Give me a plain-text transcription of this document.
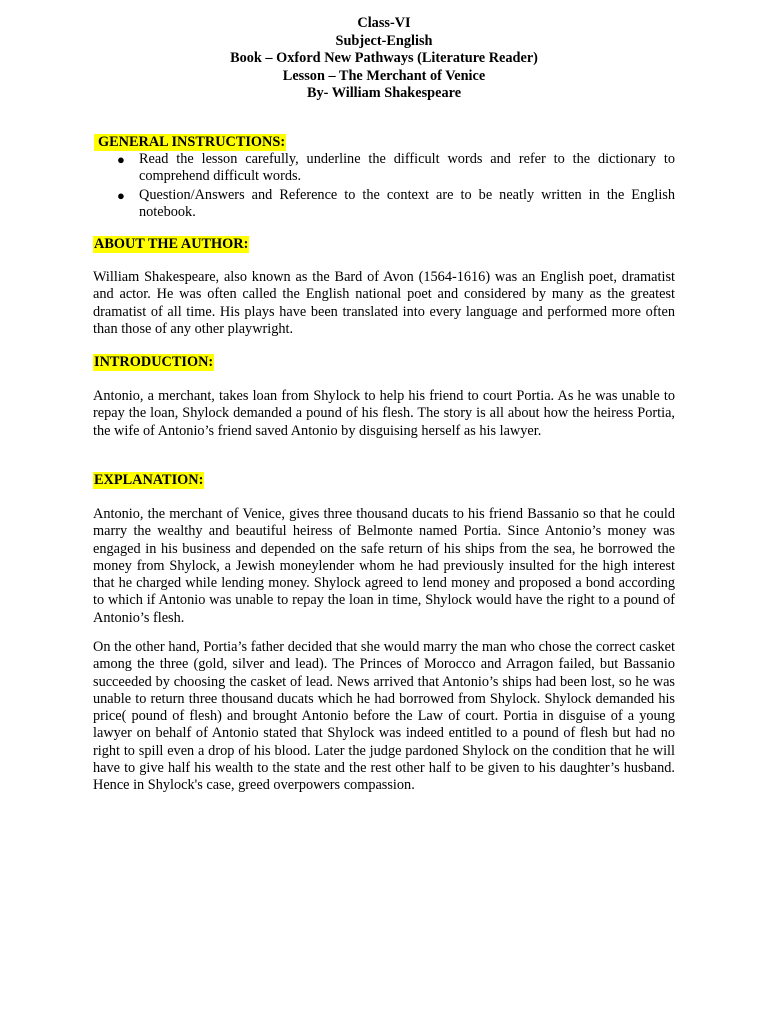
Class-VI
Subject-English
Book – Oxford New Pathways (Literature Reader)
Lesson – The Merchant of Venice
By- William Shakespeare
GENERAL INSTRUCTIONS:
● Read the lesson carefully, underline the difficult words and refer to the dictionary to comprehend difficult words.
● Question/Answers and Reference to the context are to be neatly written in the English notebook.
ABOUT THE AUTHOR:
William Shakespeare, also known as the Bard of Avon (1564-1616) was an English poet, dramatist and actor. He was often called the English national poet and considered by many as the greatest dramatist of all time. His plays have been translated into every language and performed more often than those of any other playwright.
INTRODUCTION:
Antonio, a merchant, takes loan from Shylock to help his friend to court Portia. As he was unable to repay the loan, Shylock demanded a pound of his flesh. The story is all about how the heiress Portia, the wife of Antonio’s friend saved Antonio by disguising herself as his lawyer.
EXPLANATION:
Antonio, the merchant of Venice, gives three thousand ducats to his friend Bassanio so that he could marry the wealthy and beautiful heiress of Belmonte named Portia. Since Antonio’s money was engaged in his business and depended on the safe return of his ships from the sea, he borrowed the money from Shylock, a Jewish moneylender whom he had previously insulted for the high interest that he charged while lending money. Shylock agreed to lend money and proposed a bond according to which if Antonio was unable to repay the loan in time, Shylock would have the right to a pound of Antonio’s flesh.
On the other hand, Portia’s father decided that she would marry the man who chose the correct casket among the three (gold, silver and lead). The Princes of Morocco and Arragon failed, but Bassanio succeeded by choosing the casket of lead. News arrived that Antonio’s ships had been lost, so he was unable to return three thousand ducats which he had borrowed from Shylock. Shylock demanded his price( pound of flesh) and brought Antonio before the Law of court. Portia in disguise of a young lawyer on behalf of Antonio stated that Shylock was indeed entitled to a pound of flesh but had no right to spill even a drop of his blood. Later the judge pardoned Shylock on the condition that he will have to give half his wealth to the state and the rest other half to be given to his daughter’s husband. Hence in Shylock's case, greed overpowers compassion.
